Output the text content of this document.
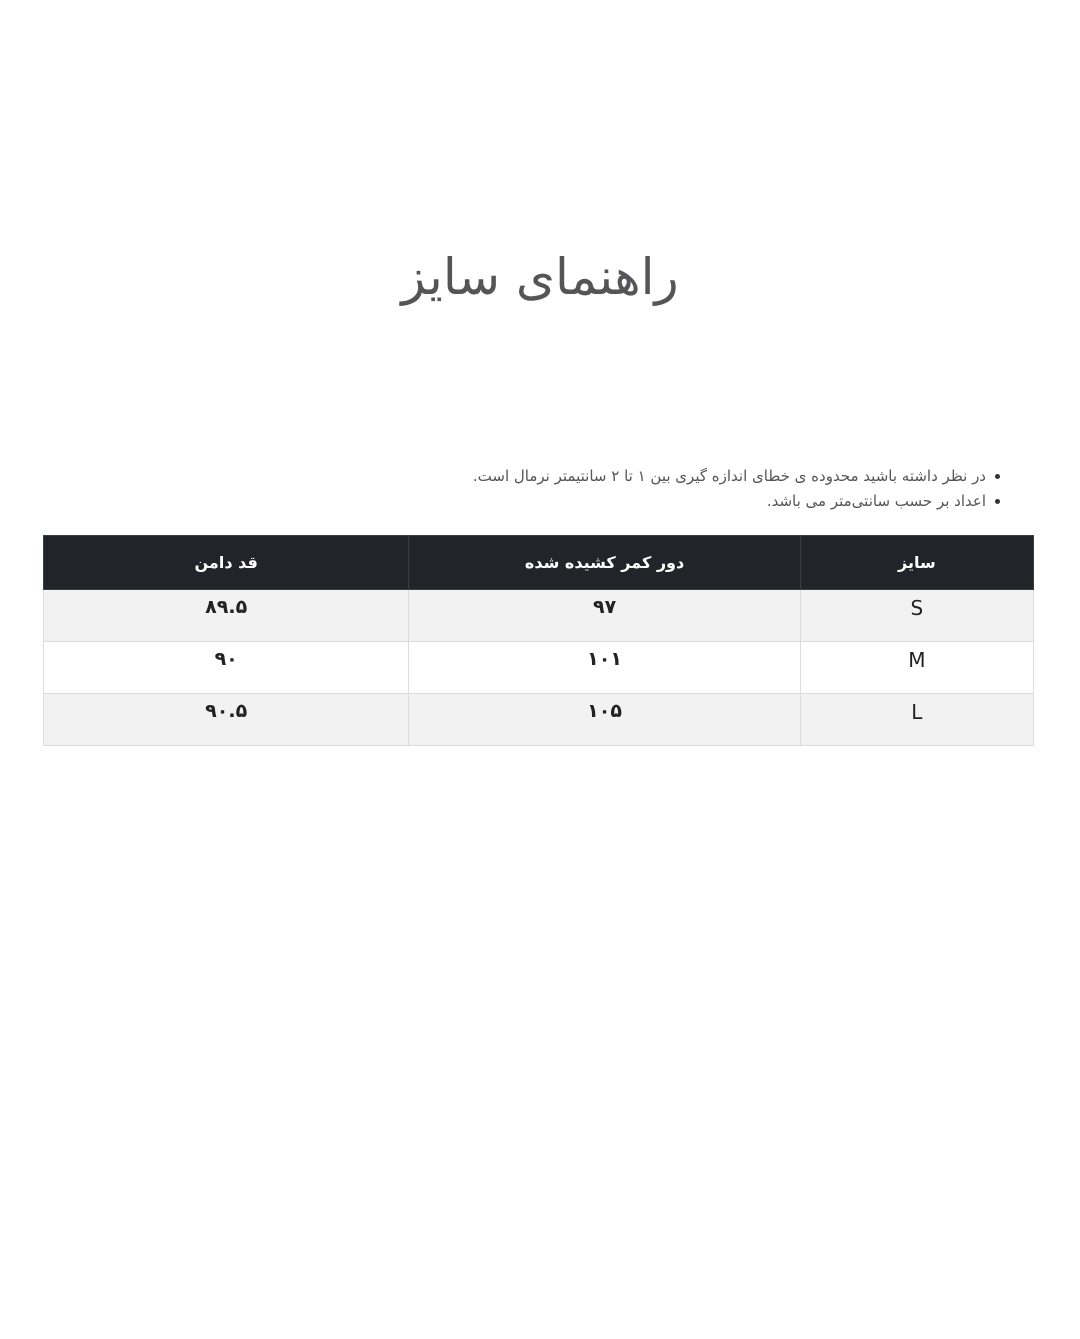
راهنمای سایز
در نظر داشته باشید محدوده ی خطای اندازه گیری بین ۱ تا ۲ سانتیمتر نرمال است.
اعداد بر حسب سانتی‌متر می باشد.
سایز	دور کمر کشیده شده	قد دامن
S	۹۷	۸۹.۵
M	۱۰۱	۹۰
L	۱۰۵	۹۰.۵
